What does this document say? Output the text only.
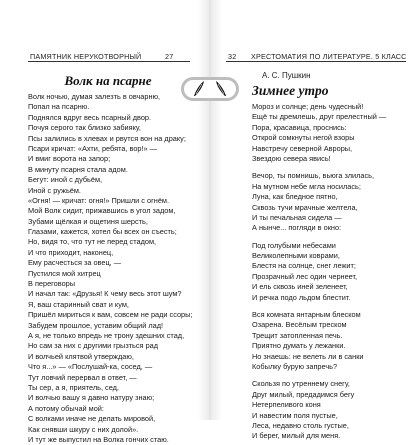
ПАМЯТНИК НЕРУКОТВОРНЫЙ	27
Волк на псарне
Волк ночью, думая залезть в овчарню,
Попал на псарню.
Поднялся вдруг весь псарный двор.
Почуя серого так близко забияку,
Псы залились в хлевах и рвутся вон на драку;
Псари кричат: «Ахти, ребята, вор!» —
И вмиг ворота на запор;
В минуту псарня стала адом.
Бегут: иной с дубьём,
Иной с ружьём.
«Огня! — кричат: огня!» Пришли с огнём.
Мой Волк сидит, прижавшись в угол задом,
Зубами щёлкая и ощетиня шерсть,
Глазами, кажется, хотел бы всех он съесть;
Но, видя то, что тут не перед стадом,
И что приходит, наконец,
Ему расчесться за овец, —
Пустился мой хитрец
В переговоры
И начал так: «Друзья! К чему весь этот шум?
Я, ваш старинный сват и кум,
Пришёл мириться к вам, совсем не ради ссоры;
Забудем прошлое, уставим общий лад!
А я, не только впредь не трону здешних стад,
Но сам за них с другими грызться рад
И волчьей клятвой утверждаю,
Что я...» — «Послушай-ка, сосед, —
Тут ловчий перервал в ответ, —
Ты сер, а я, приятель, сед,
И волчью вашу я давно натуру знаю;
А потому обычай мой:
С волками иначе не делать мировой,
Как снявши шкуру с них долой».
И тут же выпустил на Волка гончих стаю.
32 ХРЕСТОМАТИЯ ПО ЛИТЕРАТУРЕ. 5 КЛАСС
А. С. Пушкин
Зимнее утро
Мороз и солнце; день чудесный!
Ещё ты дремлешь, друг прелестный —
Пора, красавица, проснись:
Открой сомкнуты негой взоры
Навстречу северной Авроры,
Звездою севера явись!
Вечор, ты помнишь, вьюга злилась,
На мутном небе мгла носилась;
Луна, как бледное пятно,
Сквозь тучи мрачные желтела,
И ты печальная сидела —
А нынче... погляди в окно:
Под голубыми небесами
Великолепными коврами,
Блестя на солнце, снег лежит;
Прозрачный лес один чернеет,
И ель сквозь иней зеленеет,
И речка подо льдом блестит.
Вся комната янтарным блеском
Озарена. Весёлым треском
Трещит затопленная печь.
Приятно думать у лежанки.
Но знаешь: не велеть ли в санки
Кобылку бурую запречь?
Скользя по утреннему снегу,
Друг милый, предадимся бегу
Нетерпеливого коня
И навестим поля пустые,
Леса, недавно столь густые,
И берег, милый для меня.
